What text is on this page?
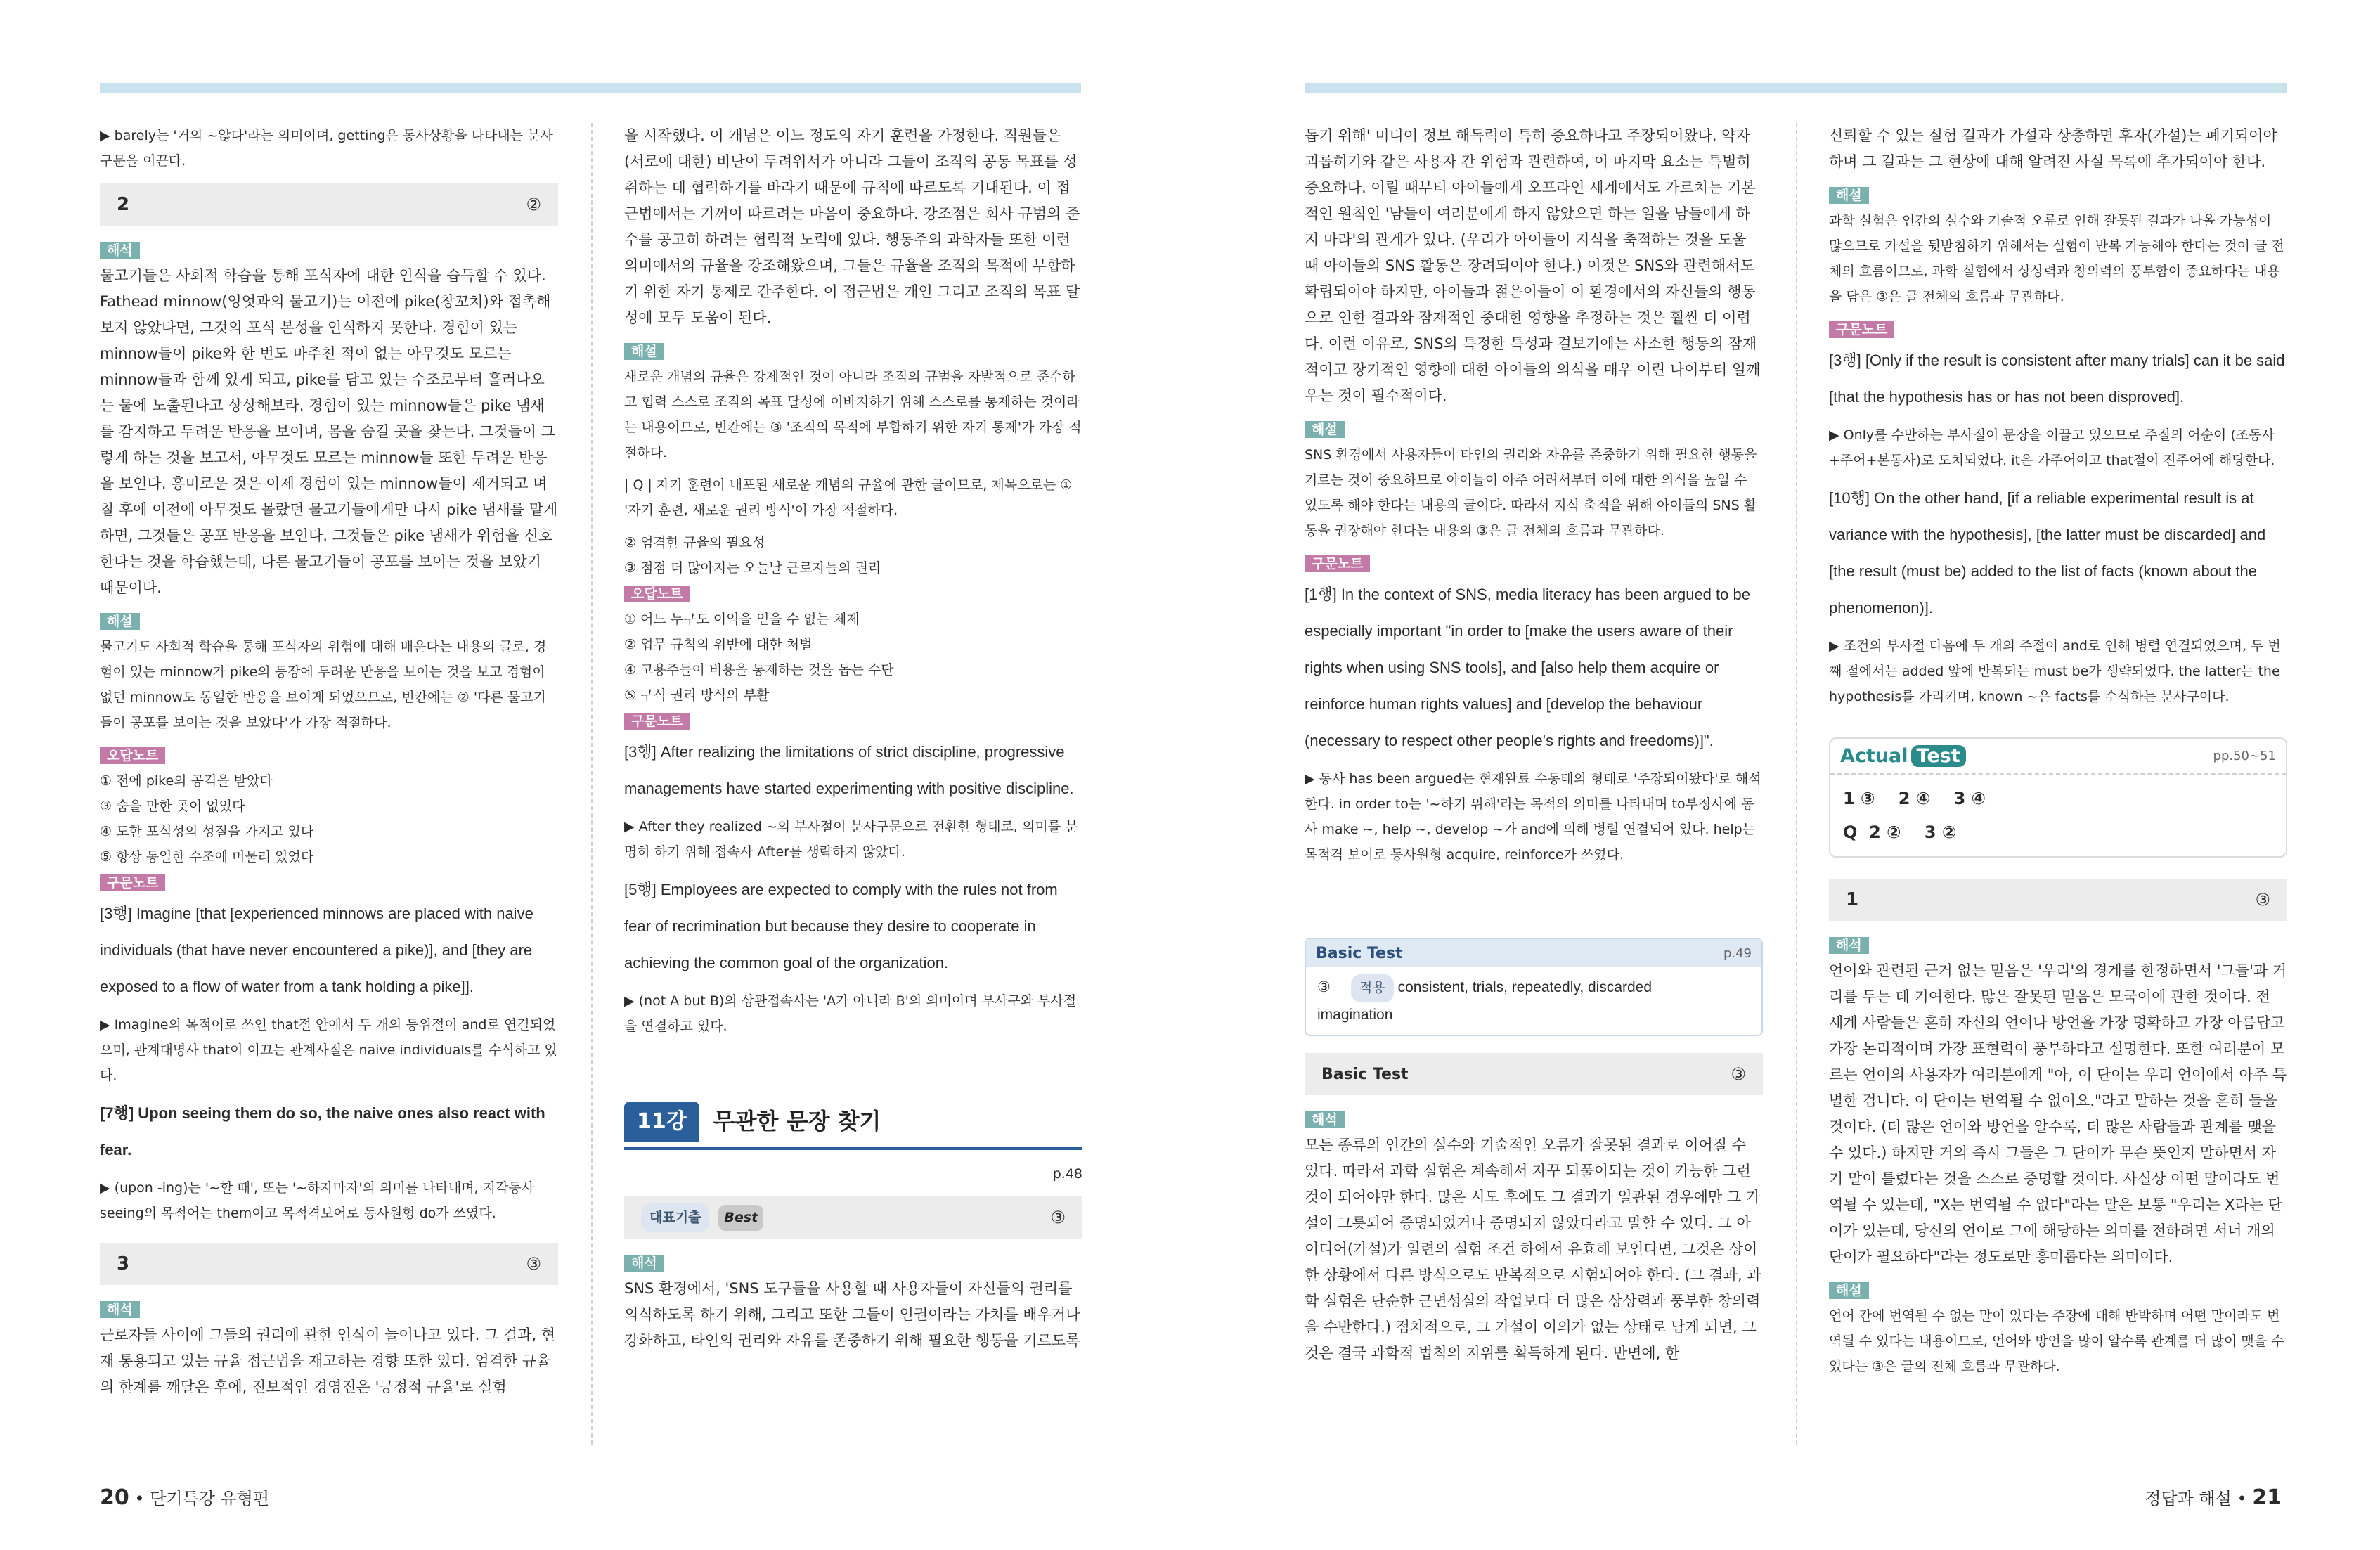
▶ barely는 '거의 ~않다'라는 의미이며, getting은 동사상황을 나타내는 분사구문을 이끈다.

2	②
해석

물고기들은 사회적 학습을 통해 포식자에 대한 인식을 습득할 수 있다. Fathead minnow(잉엇과의 물고기)는 이전에 pike(창꼬치)와 접촉해보지 않았다면, 그것의 포식 본성을 인식하지 못한다. 경험이 있는 minnow들이 pike와 한 번도 마주친 적이 없는 아무것도 모르는 minnow들과 함께 있게 되고, pike를 담고 있는 수조로부터 흘러나오는 물에 노출된다고 상상해보라. 경험이 있는 minnow들은 pike 냄새를 감지하고 두려운 반응을 보이며, 몸을 숨길 곳을 찾는다. 그것들이 그렇게 하는 것을 보고서, 아무것도 모르는 minnow들 또한 두려운 반응을 보인다. 흥미로운 것은 이제 경험이 있는 minnow들이 제거되고 며칠 후에 이전에 아무것도 몰랐던 물고기들에게만 다시 pike 냄새를 맡게 하면, 그것들은 공포 반응을 보인다. 그것들은 pike 냄새가 위험을 신호한다는 것을 학습했는데, 다른 물고기들이 공포를 보이는 것을 보았기 때문이다.

해설

물고기도 사회적 학습을 통해 포식자의 위험에 대해 배운다는 내용의 글로, 경험이 있는 minnow가 pike의 등장에 두려운 반응을 보이는 것을 보고 경험이 없던 minnow도 동일한 반응을 보이게 되었으므로, 빈칸에는 ② '다른 물고기들이 공포를 보이는 것을 보았다'가 가장 적절하다.

오답노트
① 전에 pike의 공격을 받았다
③ 숨을 만한 곳이 없었다
④ 도한 포식성의 성질을 가지고 있다
⑤ 항상 동일한 수조에 머물러 있었다
구문노트

[3행] Imagine [that [experienced minnows are placed with naive individuals (that have never encountered a pike)], and [they are exposed to a flow of water from a tank holding a pike]].

▶ Imagine의 목적어로 쓰인 that절 안에서 두 개의 등위절이 and로 연결되었으며, 관계대명사 that이 이끄는 관계사절은 naive individuals를 수식하고 있다.

[7행] Upon seeing them do so, the naive ones also react with fear.

▶ (upon -ing)는 '~할 때', 또는 '~하자마자'의 의미를 나타내며, 지각동사 seeing의 목적어는 them이고 목적격보어로 동사원형 do가 쓰였다.

3	③
해석

근로자들 사이에 그들의 권리에 관한 인식이 늘어나고 있다. 그 결과, 현재 통용되고 있는 규율 접근법을 재고하는 경향 또한 있다. 엄격한 규율의 한계를 깨달은 후에, 진보적인 경영진은 '긍정적 규율'로 실험

을 시작했다. 이 개념은 어느 정도의 자기 훈련을 가정한다. 직원들은 (서로에 대한) 비난이 두려워서가 아니라 그들이 조직의 공동 목표를 성취하는 데 협력하기를 바라기 때문에 규칙에 따르도록 기대된다. 이 접근법에서는 기꺼이 따르려는 마음이 중요하다. 강조점은 회사 규범의 준수를 공고히 하려는 협력적 노력에 있다. 행동주의 과학자들 또한 이런 의미에서의 규율을 강조해왔으며, 그들은 규율을 조직의 목적에 부합하기 위한 자기 통제로 간주한다. 이 접근법은 개인 그리고 조직의 목표 달성에 모두 도움이 된다.

해설

새로운 개념의 규율은 강제적인 것이 아니라 조직의 규범을 자발적으로 준수하고 협력 스스로 조직의 목표 달성에 이바지하기 위해 스스로를 통제하는 것이라는 내용이므로, 빈칸에는 ③ '조직의 목적에 부합하기 위한 자기 통제'가 가장 적절하다.

| Q | 자기 훈련이 내포된 새로운 개념의 규율에 관한 글이므로, 제목으로는 ① '자기 훈련, 새로운 권리 방식'이 가장 적절하다.

② 엄격한 규율의 필요성
③ 점점 더 많아지는 오늘날 근로자들의 권리
오답노트
① 어느 누구도 이익을 얻을 수 없는 체제
② 업무 규칙의 위반에 대한 처벌
④ 고용주들이 비용을 통제하는 것을 돕는 수단
⑤ 구식 권리 방식의 부활
구문노트

[3행] After realizing the limitations of strict discipline, progressive managements have started experimenting with positive discipline.

▶ After they realized ~의 부사절이 분사구문으로 전환한 형태로, 의미를 분명히 하기 위해 접속사 After를 생략하지 않았다.

[5행] Employees are expected to comply with the rules not from fear of recrimination but because they desire to cooperate in achieving the common goal of the organization.

▶ (not A but B)의 상관접속사는 'A가 아니라 B'의 의미이며 부사구와 부사절을 연결하고 있다.

11강	무관한 문장 찾기
p.48
대표기출 Best	③
해석

SNS 환경에서, 'SNS 도구들을 사용할 때 사용자들이 자신들의 권리를 의식하도록 하기 위해, 그리고 또한 그들이 인권이라는 가치를 배우거나 강화하고, 타인의 권리와 자유를 존중하기 위해 필요한 행동을 기르도록

돕기 위해' 미디어 정보 해독력이 특히 중요하다고 주장되어왔다. 약자 괴롭히기와 같은 사용자 간 위험과 관련하여, 이 마지막 요소는 특별히 중요하다. 어릴 때부터 아이들에게 오프라인 세계에서도 가르치는 기본적인 원칙인 '남들이 여러분에게 하지 않았으면 하는 일을 남들에게 하지 마라'의 관계가 있다. (우리가 아이들이 지식을 축적하는 것을 도울 때 아이들의 SNS 활동은 장려되어야 한다.) 이것은 SNS와 관련해서도 확립되어야 하지만, 아이들과 젊은이들이 이 환경에서의 자신들의 행동으로 인한 결과와 잠재적인 중대한 영향을 추정하는 것은 훨씬 더 어렵다. 이런 이유로, SNS의 특정한 특성과 결보기에는 사소한 행동의 잠재적이고 장기적인 영향에 대한 아이들의 의식을 매우 어린 나이부터 일깨우는 것이 필수적이다.

해설

SNS 환경에서 사용자들이 타인의 권리와 자유를 존중하기 위해 필요한 행동을 기르는 것이 중요하므로 아이들이 아주 어려서부터 이에 대한 의식을 높일 수 있도록 해야 한다는 내용의 글이다. 따라서 지식 축적을 위해 아이들의 SNS 활동을 권장해야 한다는 내용의 ③은 글 전체의 흐름과 무관하다.

구문노트

[1행] In the context of SNS, media literacy has been argued to be especially important "in order to [make the users aware of their rights when using SNS tools], and [also help them acquire or reinforce human rights values] and [develop the behaviour (necessary to respect other people's rights and freedoms)]".

▶ 동사 has been argued는 현재완료 수동태의 형태로 '주장되어왔다'로 해석한다. in order to는 '~하기 위해'라는 목적의 의미를 나타내며 to부정사에 동사 make ~, help ~, develop ~가 and에 의해 병렬 연결되어 있다. help는 목적격 보어로 동사원형 acquire, reinforce가 쓰였다.

Basic Test	p.49
③ 적용 consistent, trials, repeatedly, discarded
imagination
Basic Test	③
해석

모든 종류의 인간의 실수와 기술적인 오류가 잘못된 결과로 이어질 수 있다. 따라서 과학 실험은 계속해서 자꾸 되풀이되는 것이 가능한 그런 것이 되어야만 한다. 많은 시도 후에도 그 결과가 일관된 경우에만 그 가설이 그릇되어 증명되었거나 증명되지 않았다라고 말할 수 있다. 그 아이디어(가설)가 일련의 실험 조건 하에서 유효해 보인다면, 그것은 상이한 상황에서 다른 방식으로도 반복적으로 시험되어야 한다. (그 결과, 과학 실험은 단순한 근면성실의 작업보다 더 많은 상상력과 풍부한 창의력을 수반한다.) 점차적으로, 그 가설이 이의가 없는 상태로 남게 되면, 그것은 결국 과학적 법칙의 지위를 획득하게 된다. 반면에, 한

신뢰할 수 있는 실험 결과가 가설과 상충하면 후자(가설)는 폐기되어야 하며 그 결과는 그 현상에 대해 알려진 사실 목록에 추가되어야 한다.

해설

과학 실험은 인간의 실수와 기술적 오류로 인해 잘못된 결과가 나올 가능성이 많으므로 가설을 뒷받침하기 위해서는 실험이 반복 가능해야 한다는 것이 글 전체의 흐름이므로, 과학 실험에서 상상력과 창의력의 풍부함이 중요하다는 내용을 담은 ③은 글 전체의 흐름과 무관하다.

구문노트

[3행] [Only if the result is consistent after many trials] can it be said [that the hypothesis has or has not been disproved].

▶ Only를 수반하는 부사절이 문장을 이끌고 있으므로 주절의 어순이 (조동사+주어+본동사)로 도치되었다. it은 가주어이고 that절이 진주어에 해당한다.

[10행] On the other hand, [if a reliable experimental result is at variance with the hypothesis], [the latter must be discarded] and [the result (must be) added to the list of facts (known about the phenomenon)].

▶ 조건의 부사절 다음에 두 개의 주절이 and로 인해 병렬 연결되었으며, 두 번째 절에서는 added 앞에 반복되는 must be가 생략되었다. the latter는 the hypothesis를 가리키며, known ~은 facts를 수식하는 분사구이다.

Actual Test	pp.50~51
1 ③    2 ④    3 ④
Q  2 ②    3 ②
1	③
해석

언어와 관련된 근거 없는 믿음은 '우리'의 경계를 한정하면서 '그들'과 거리를 두는 데 기여한다. 많은 잘못된 믿음은 모국어에 관한 것이다. 전 세계 사람들은 흔히 자신의 언어나 방언을 가장 명확하고 가장 아름답고 가장 논리적이며 가장 표현력이 풍부하다고 설명한다. 또한 여러분이 모르는 언어의 사용자가 여러분에게 "아, 이 단어는 우리 언어에서 아주 특별한 겁니다. 이 단어는 번역될 수 없어요."라고 말하는 것을 흔히 들을 것이다. (더 많은 언어와 방언을 알수록, 더 많은 사람들과 관계를 맺을 수 있다.) 하지만 거의 즉시 그들은 그 단어가 무슨 뜻인지 말하면서 자기 말이 틀렸다는 것을 스스로 증명할 것이다. 사실상 어떤 말이라도 번역될 수 있는데, "X는 번역될 수 없다"라는 말은 보통 "우리는 X라는 단어가 있는데, 당신의 언어로 그에 해당하는 의미를 전하려면 서너 개의 단어가 필요하다"라는 정도로만 흥미롭다는 의미이다.

해설

언어 간에 번역될 수 없는 말이 있다는 주장에 대해 반박하며 어떤 말이라도 번역될 수 있다는 내용이므로, 언어와 방언을 많이 알수록 관계를 더 많이 맺을 수 있다는 ③은 글의 전체 흐름과 무관하다.

20 • 단기특강 유형편	정답과 해설 • 21
